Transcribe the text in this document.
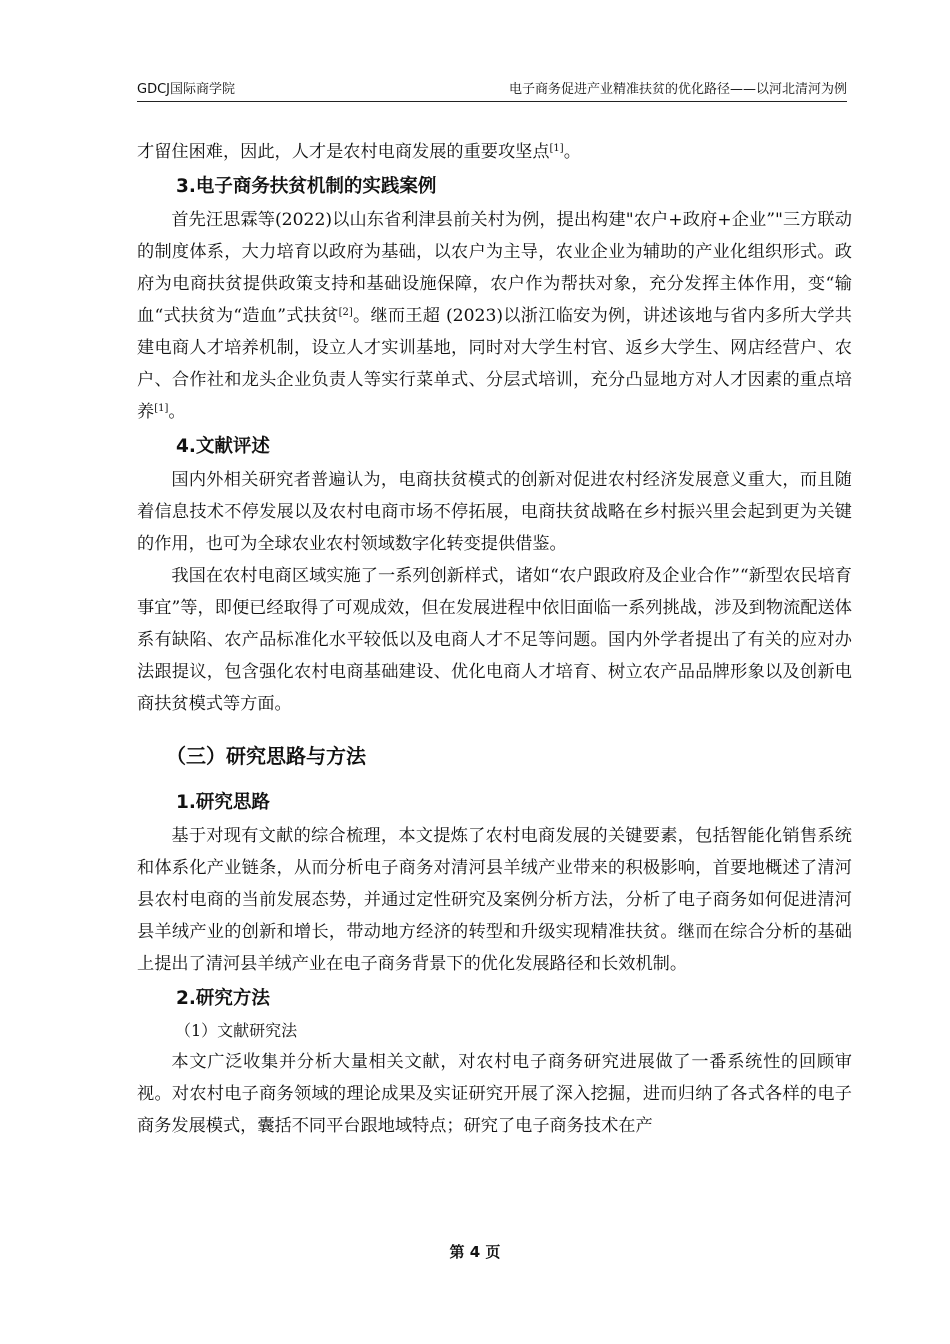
GDCJ国际商学院	电子商务促进产业精准扶贫的优化路径——以河北清河为例

才留住困难，因此，人才是农村电商发展的重要攻坚点[1]。

3.电子商务扶贫机制的实践案例

首先汪思霖等(2022)以山东省利津县前关村为例，提出构建"农户+政府+企业”"三方联动的制度体系，大力培育以政府为基础，以农户为主导，农业企业为辅助的产业化组织形式。政府为电商扶贫提供政策支持和基础设施保障，农户作为帮扶对象，充分发挥主体作用，变“输血“式扶贫为“造血”式扶贫[2]。继而王超 (2023)以浙江临安为例，讲述该地与省内多所大学共建电商人才培养机制，设立人才实训基地，同时对大学生村官、返乡大学生、网店经营户、农户、合作社和龙头企业负责人等实行菜单式、分层式培训，充分凸显地方对人才因素的重点培养[1]。

4.文献评述

国内外相关研究者普遍认为，电商扶贫模式的创新对促进农村经济发展意义重大，而且随着信息技术不停发展以及农村电商市场不停拓展，电商扶贫战略在乡村振兴里会起到更为关键的作用，也可为全球农业农村领域数字化转变提供借鉴。

我国在农村电商区域实施了一系列创新样式，诸如“农户跟政府及企业合作”“新型农民培育事宜”等，即便已经取得了可观成效，但在发展进程中依旧面临一系列挑战，涉及到物流配送体系有缺陷、农产品标准化水平较低以及电商人才不足等问题。国内外学者提出了有关的应对办法跟提议，包含强化农村电商基础建设、优化电商人才培育、树立农产品品牌形象以及创新电商扶贫模式等方面。

（三）研究思路与方法
1.研究思路

基于对现有文献的综合梳理，本文提炼了农村电商发展的关键要素，包括智能化销售系统和体系化产业链条，从而分析电子商务对清河县羊绒产业带来的积极影响，首要地概述了清河县农村电商的当前发展态势，并通过定性研究及案例分析方法，分析了电子商务如何促进清河县羊绒产业的创新和增长，带动地方经济的转型和升级实现精准扶贫。继而在综合分析的基础上提出了清河县羊绒产业在电子商务背景下的优化发展路径和长效机制。

2.研究方法
（1）文献研究法

本文广泛收集并分析大量相关文献，对农村电子商务研究进展做了一番系统性的回顾审视。对农村电子商务领域的理论成果及实证研究开展了深入挖掘，进而归纳了各式各样的电子商务发展模式，囊括不同平台跟地域特点；研究了电子商务技术在产

第 4 页
